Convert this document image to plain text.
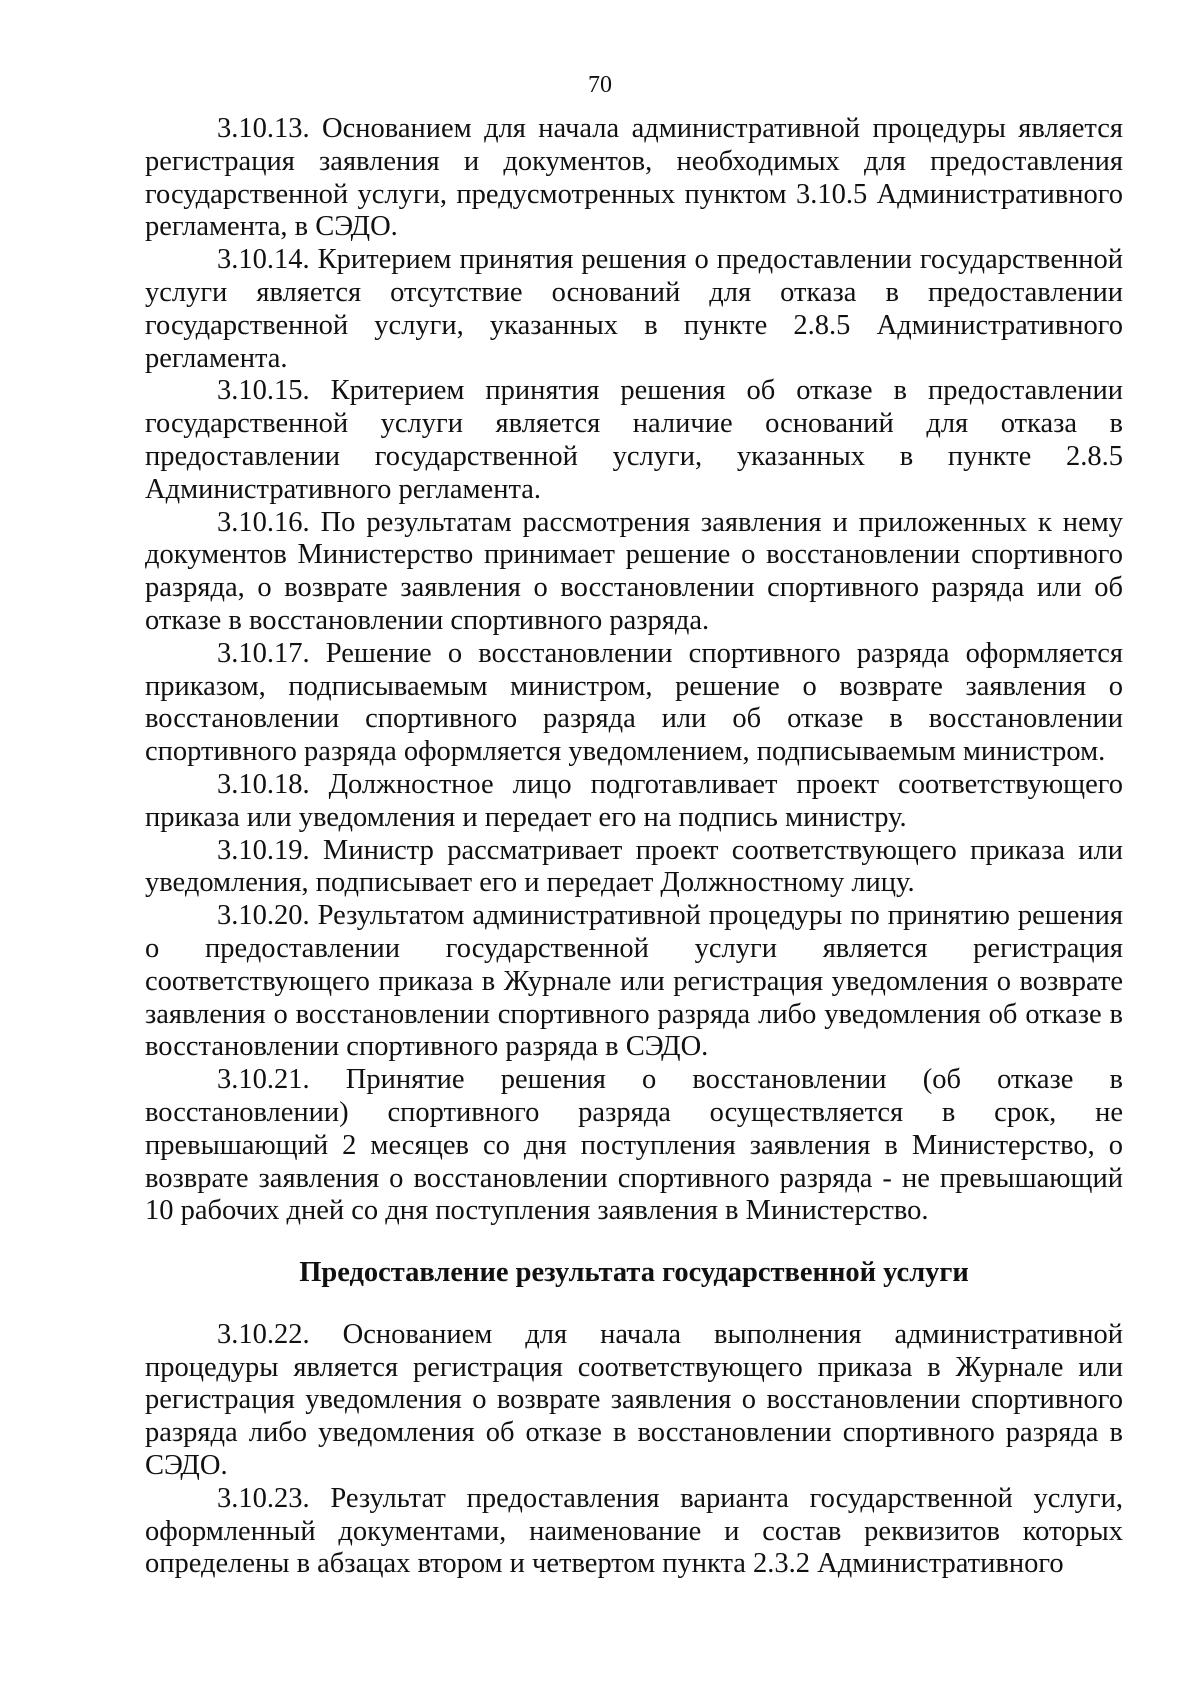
70

3.10.13. Основанием для начала административной процедуры является регистрация заявления и документов, необходимых для предоставления государственной услуги, предусмотренных пунктом 3.10.5 Административного регламента, в СЭДО.

3.10.14. Критерием принятия решения о предоставлении государственной услуги является отсутствие оснований для отказа в предоставлении государственной услуги, указанных в пункте 2.8.5 Административного регламента.

3.10.15. Критерием принятия решения об отказе в предоставлении государственной услуги является наличие оснований для отказа в предоставлении государственной услуги, указанных в пункте 2.8.5 Административного регламента.

3.10.16. По результатам рассмотрения заявления и приложенных к нему документов Министерство принимает решение о восстановлении спортивного разряда, о возврате заявления о восстановлении спортивного разряда или об отказе в восстановлении спортивного разряда.

3.10.17. Решение о восстановлении спортивного разряда оформляется приказом, подписываемым министром, решение о возврате заявления о восстановлении спортивного разряда или об отказе в восстановлении спортивного разряда оформляется уведомлением, подписываемым министром.

3.10.18. Должностное лицо подготавливает проект соответствующего приказа или уведомления и передает его на подпись министру.

3.10.19. Министр рассматривает проект соответствующего приказа или уведомления, подписывает его и передает Должностному лицу.

3.10.20. Результатом административной процедуры по принятию решения о предоставлении государственной услуги является регистрация соответствующего приказа в Журнале или регистрация уведомления о возврате заявления о восстановлении спортивного разряда либо уведомления об отказе в восстановлении спортивного разряда в СЭДО.

3.10.21. Принятие решения о восстановлении (об отказе в восстановлении) спортивного разряда осуществляется в срок, не превышающий 2 месяцев со дня поступления заявления в Министерство, о возврате заявления о восстановлении спортивного разряда - не превышающий 10 рабочих дней со дня поступления заявления в Министерство.

Предоставление результата государственной услуги

3.10.22. Основанием для начала выполнения административной процедуры является регистрация соответствующего приказа в Журнале или регистрация уведомления о возврате заявления о восстановлении спортивного разряда либо уведомления об отказе в восстановлении спортивного разряда в СЭДО.

3.10.23. Результат предоставления варианта государственной услуги, оформленный документами, наименование и состав реквизитов которых определены в абзацах втором и четвертом пункта 2.3.2 Административного
